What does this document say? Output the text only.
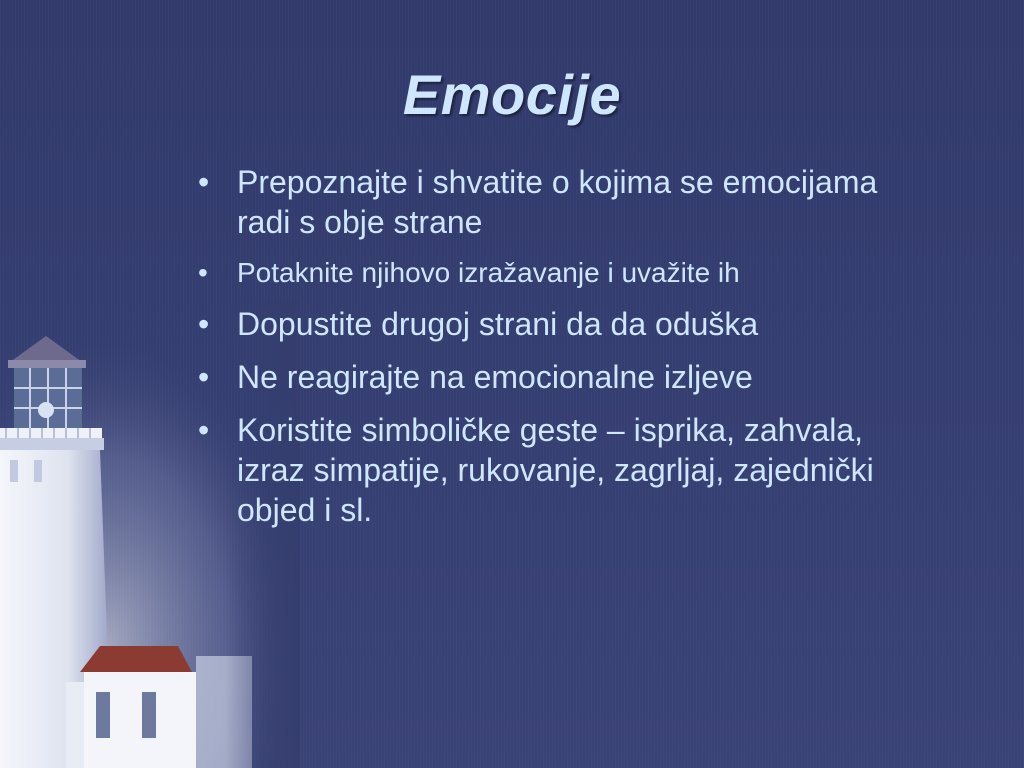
Emocije
• Prepoznajte i shvatite o kojima se emocijama radi s obje strane
• Potaknite njihovo izražavanje i uvažite ih
• Dopustite drugoj strani da da oduška
• Ne reagirajte na emocionalne izljeve
• Koristite simboličke geste – isprika, zahvala, izraz simpatije, rukovanje, zagrljaj, zajednički objed i sl.
